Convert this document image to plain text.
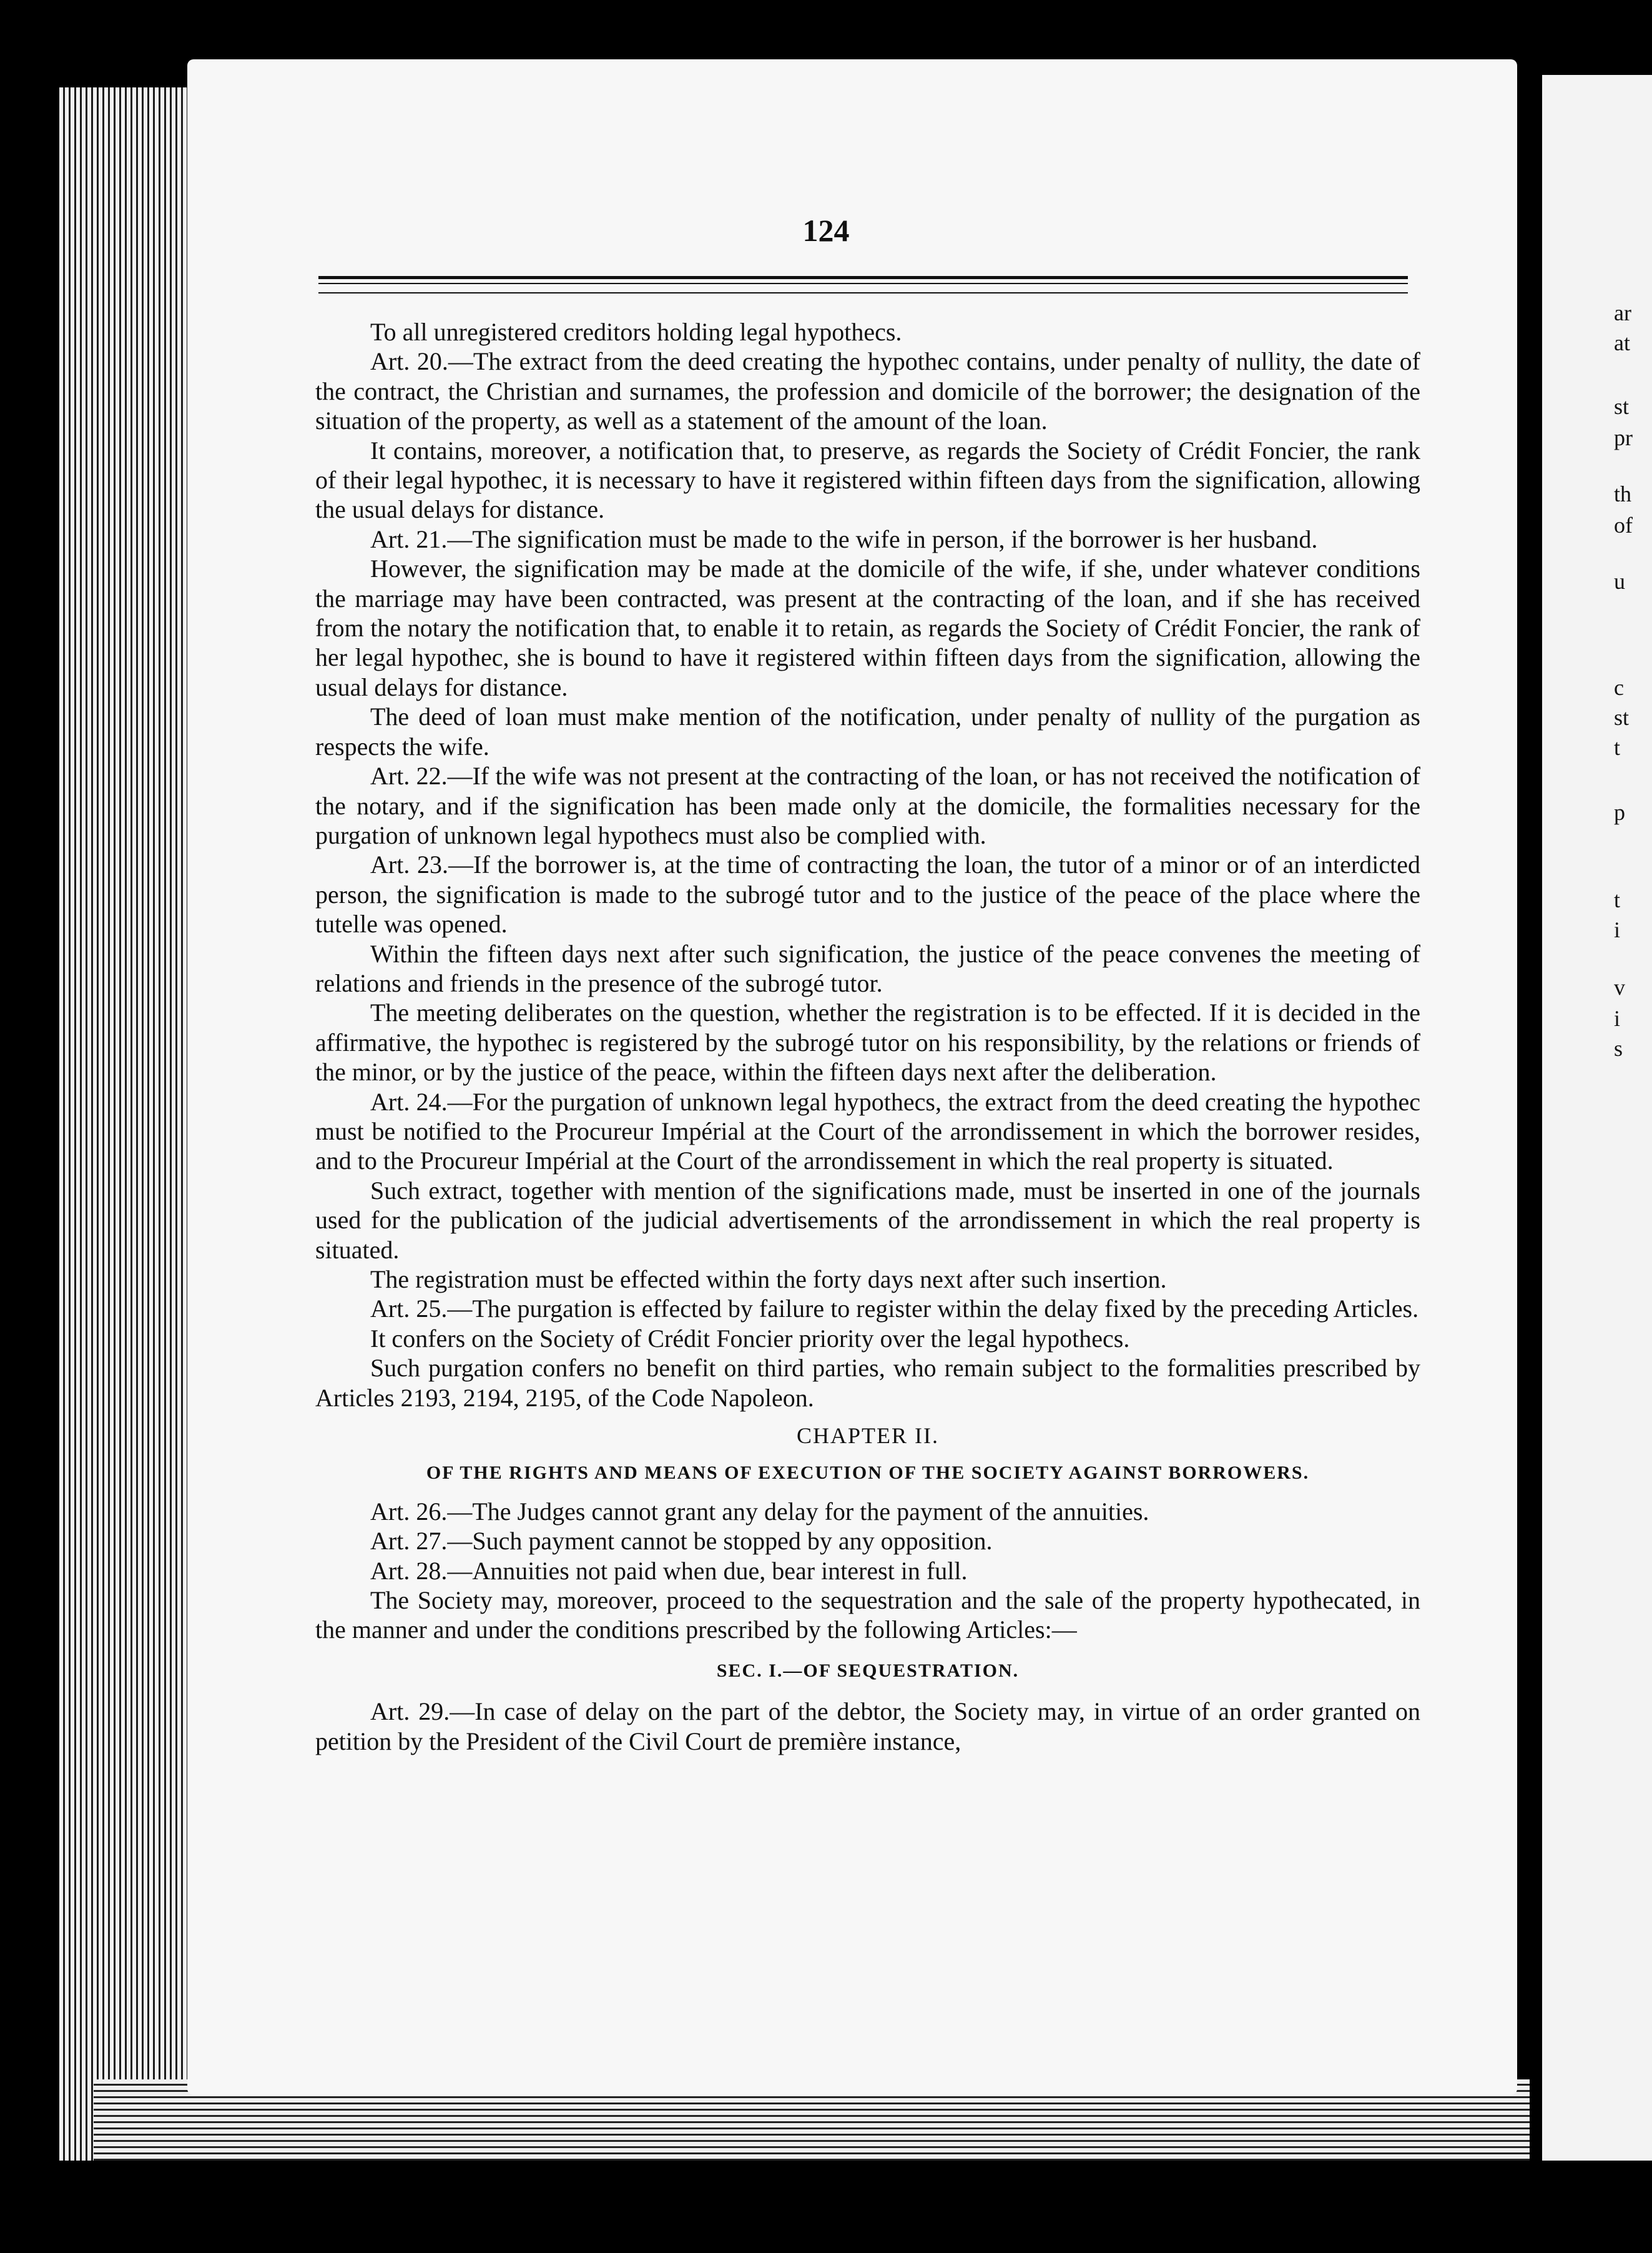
ar
at
st
pr
th
of
u
c
st
t
p
t
i
v
i
s
124

To all unregistered creditors holding legal hypothecs.

Art. 20.—The extract from the deed creating the hypothec contains, under penalty of nullity, the date of the contract, the Christian and surnames, the profession and domicile of the borrower; the designation of the situation of the property, as well as a statement of the amount of the loan.

It contains, moreover, a notification that, to preserve, as regards the Society of Crédit Foncier, the rank of their legal hypothec, it is necessary to have it registered within fifteen days from the signification, allowing the usual delays for distance.

Art. 21.—The signification must be made to the wife in person, if the borrower is her husband.

However, the signification may be made at the domicile of the wife, if she, under whatever conditions the marriage may have been contracted, was present at the contracting of the loan, and if she has received from the notary the notification that, to enable it to retain, as regards the Society of Crédit Foncier, the rank of her legal hypothec, she is bound to have it registered within fifteen days from the signification, allowing the usual delays for distance.

The deed of loan must make mention of the notification, under penalty of nullity of the purgation as respects the wife.

Art. 22.—If the wife was not present at the contracting of the loan, or has not received the notification of the notary, and if the signification has been made only at the domicile, the formalities necessary for the purgation of unknown legal hypothecs must also be complied with.

Art. 23.—If the borrower is, at the time of contracting the loan, the tutor of a minor or of an interdicted person, the signification is made to the subrogé tutor and to the justice of the peace of the place where the tutelle was opened.

Within the fifteen days next after such signification, the justice of the peace convenes the meeting of relations and friends in the presence of the subrogé tutor.

The meeting deliberates on the question, whether the registration is to be effected. If it is decided in the affirmative, the hypothec is registered by the subrogé tutor on his responsibility, by the relations or friends of the minor, or by the justice of the peace, within the fifteen days next after the deliberation.

Art. 24.—For the purgation of unknown legal hypothecs, the extract from the deed creating the hypothec must be notified to the Procureur Impérial at the Court of the arrondissement in which the borrower resides, and to the Procureur Impérial at the Court of the arrondissement in which the real property is situated.

Such extract, together with mention of the significations made, must be inserted in one of the journals used for the publication of the judicial advertisements of the arrondissement in which the real property is situated.

The registration must be effected within the forty days next after such insertion.

Art. 25.—The purgation is effected by failure to register within the delay fixed by the preceding Articles.

It confers on the Society of Crédit Foncier priority over the legal hypothecs.

Such purgation confers no benefit on third parties, who remain subject to the formalities prescribed by Articles 2193, 2194, 2195, of the Code Napoleon.

CHAPTER II.
OF THE RIGHTS AND MEANS OF EXECUTION OF THE SOCIETY AGAINST BORROWERS.

Art. 26.—The Judges cannot grant any delay for the payment of the annuities.

Art. 27.—Such payment cannot be stopped by any opposition.

Art. 28.—Annuities not paid when due, bear interest in full.

The Society may, moreover, proceed to the sequestration and the sale of the property hypothecated, in the manner and under the conditions prescribed by the following Articles:—

SEC. I.—OF SEQUESTRATION.

Art. 29.—In case of delay on the part of the debtor, the Society may, in virtue of an order granted on petition by the President of the Civil Court de première instance,
